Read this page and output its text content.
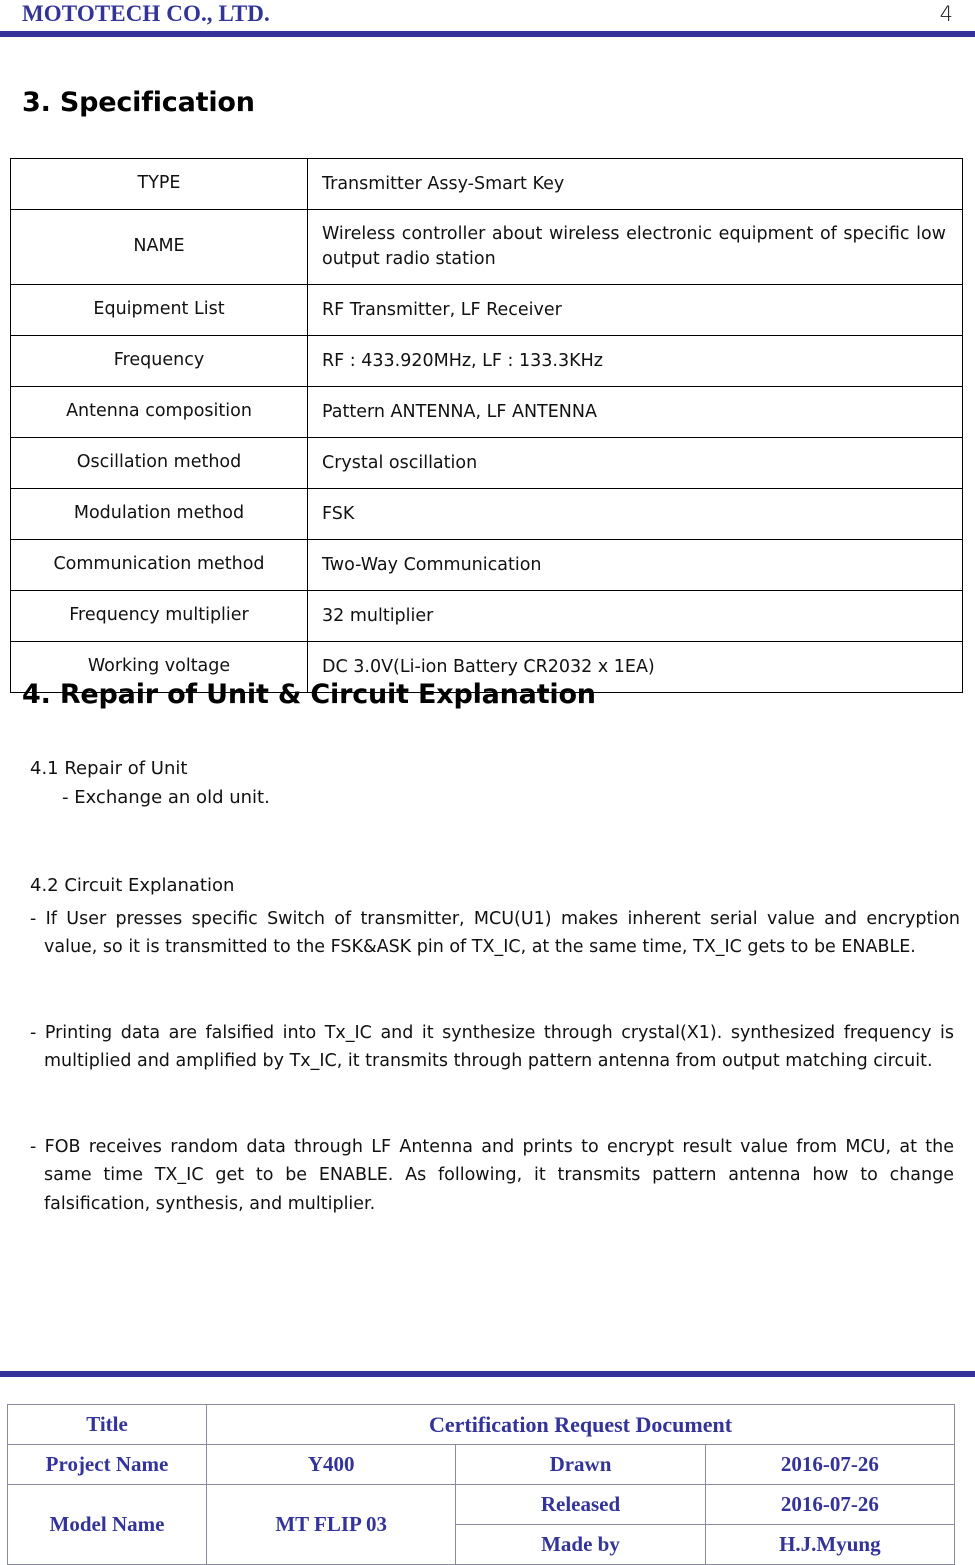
MOTOTECH CO., LTD.	4
3. Specification
TYPE	Transmitter Assy-Smart Key
NAME	Wireless controller about wireless electronic equipment of specific low output radio station
Equipment List	RF Transmitter, LF Receiver
Frequency	RF : 433.920MHz, LF : 133.3KHz
Antenna composition	Pattern ANTENNA, LF ANTENNA
Oscillation method	Crystal oscillation
Modulation method	FSK
Communication method	Two-Way Communication
Frequency multiplier	32 multiplier
Working voltage	DC 3.0V(Li-ion Battery CR2032 x 1EA)
4. Repair of Unit & Circuit Explanation
4.1 Repair of Unit
- Exchange an old unit.
4.2 Circuit Explanation
- If User presses specific Switch of transmitter, MCU(U1) makes inherent serial value and encryption value, so it is transmitted to the FSK&ASK pin of TX_IC, at the same time, TX_IC gets to be ENABLE.
- Printing data are falsified into Tx_IC and it synthesize through crystal(X1). synthesized frequency is multiplied and amplified by Tx_IC, it transmits through pattern antenna from output matching circuit.
- FOB receives random data through LF Antenna and prints to encrypt result value from MCU, at the same time TX_IC get to be ENABLE. As following, it transmits pattern antenna how to change falsification, synthesis, and multiplier.
Title	Certification Request Document		
Project Name	Y400	Drawn	2016-07-26
Model Name	MT FLIP 03	Released	2016-07-26
		Made by	H.J.Myung
